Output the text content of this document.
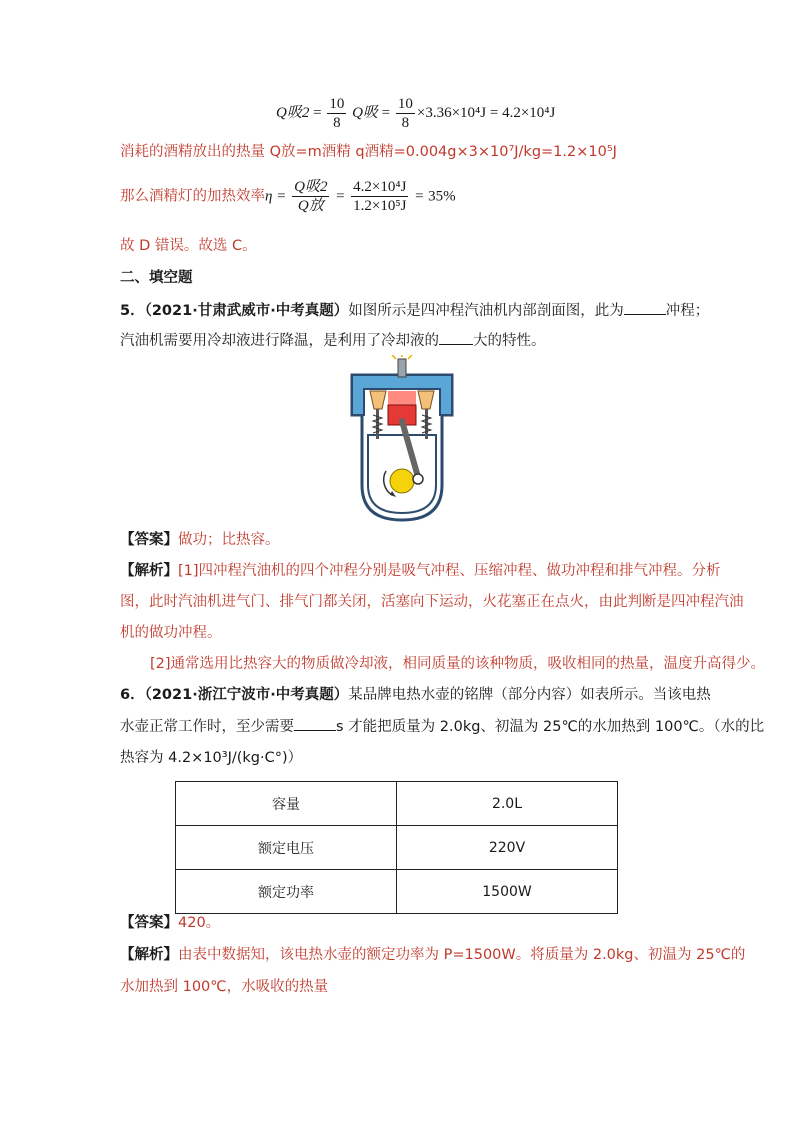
Q吸$2 = \frac{10}{8}$ Q吸 = $\frac{10}{8} \times 3.36\times 10^4J = 4.2\times 10^4J$
消耗的酒精放出的热量 Q放=m酒精 q酒精=0.004g×3×10⁷J/kg=1.2×10⁵J
那么酒精灯的加热效率$\eta = \frac{\text{Q吸2}}{\text{Q放}} = \frac{\text{4.2×10⁴J}}{\text{1.2×10⁵J}} = 35\%$
故 D 错误。故选 C。
二、填空题
5．（2021·甘肃武威市·中考真题）如图所示是四冲程汽油机内部剖面图，此为	冲程；
汽油机需要用冷却液进行降温，是利用了冷却液的 大的特性。
【答案】做功；比热容。
【解析】[1]四冲程汽油机的四个冲程分别是吸气冲程、压缩冲程、做功冲程和排气冲程。分析
图，此时汽油机进气门、排气门都关闭，活塞向下运动，火花塞正在点火，由此判断是四冲程汽油
机的做功冲程。
[2]通常选用比热容大的物质做冷却液，相同质量的该种物质，吸收相同的热量，温度升高得少。
6．（2021·浙江宁波市·中考真题）某品牌电热水壶的铭牌（部分内容）如表所示。当该电热
水壶正常工作时，至少需要	s 才能把质量为 2.0kg、初温为 25℃的水加热到 100℃。（水的比
热容为 4.2×10³J/(kg·C°)）
容量	2.0L
额定电压	220V
额定功率	1500W
【答案】420。
【解析】由表中数据知，该电热水壶的额定功率为 P=1500W。将质量为 2.0kg、初温为 25℃的
水加热到 100℃，水吸收的热量
